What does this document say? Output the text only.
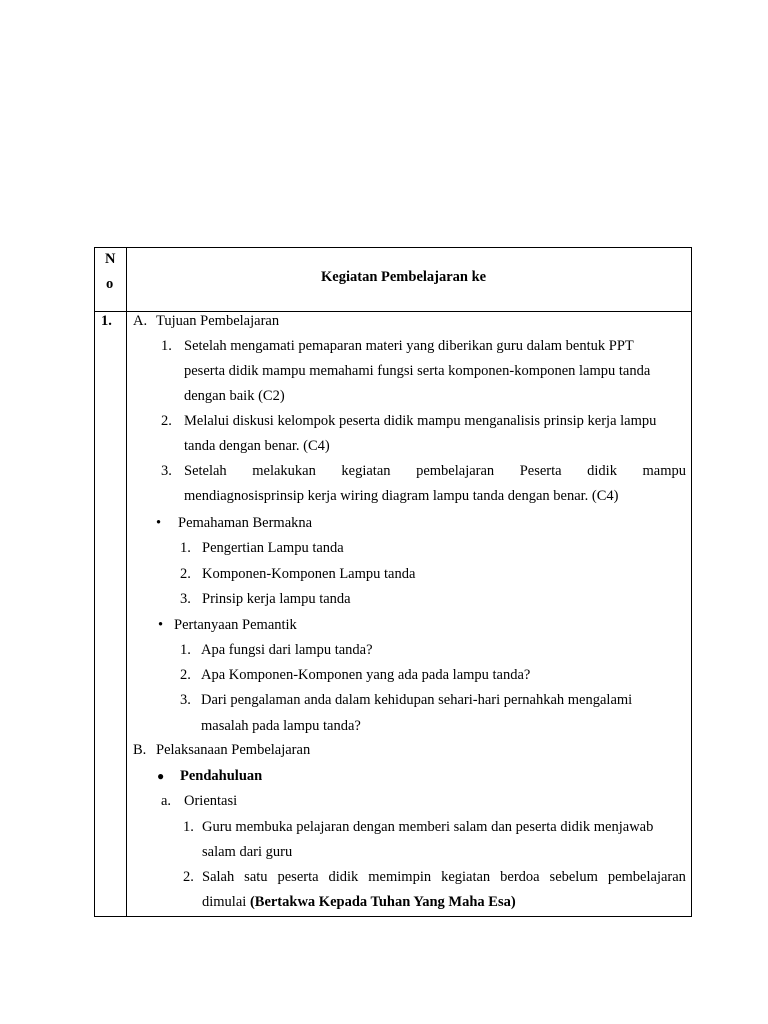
N
o	Kegiatan Pembelajaran ke
1. A. Tujuan Pembelajaran
1. Setelah mengamati pemaparan materi yang diberikan guru dalam bentuk PPT
peserta didik mampu memahami fungsi serta komponen-komponen lampu tanda
dengan baik (C2)
2. Melalui diskusi kelompok peserta didik mampu menganalisis prinsip kerja lampu
tanda dengan benar. (C4)
3. Setelah melakukan kegiatan pembelajaran Peserta didik mampu
mendiagnosisprinsip kerja wiring diagram lampu tanda dengan benar. (C4)
• Pemahaman Bermakna
1. Pengertian Lampu tanda
2. Komponen-Komponen Lampu tanda
3. Prinsip kerja lampu tanda
• Pertanyaan Pemantik
1. Apa fungsi dari lampu tanda?
2. Apa Komponen-Komponen yang ada pada lampu tanda?
3. Dari pengalaman anda dalam kehidupan sehari-hari pernahkah mengalami
masalah pada lampu tanda?
B. Pelaksanaan Pembelajaran
● Pendahuluan
a. Orientasi
1. Guru membuka pelajaran dengan memberi salam dan peserta didik menjawab
salam dari guru
2. Salah satu peserta didik memimpin kegiatan berdoa sebelum pembelajaran
dimulai (Bertakwa Kepada Tuhan Yang Maha Esa)
